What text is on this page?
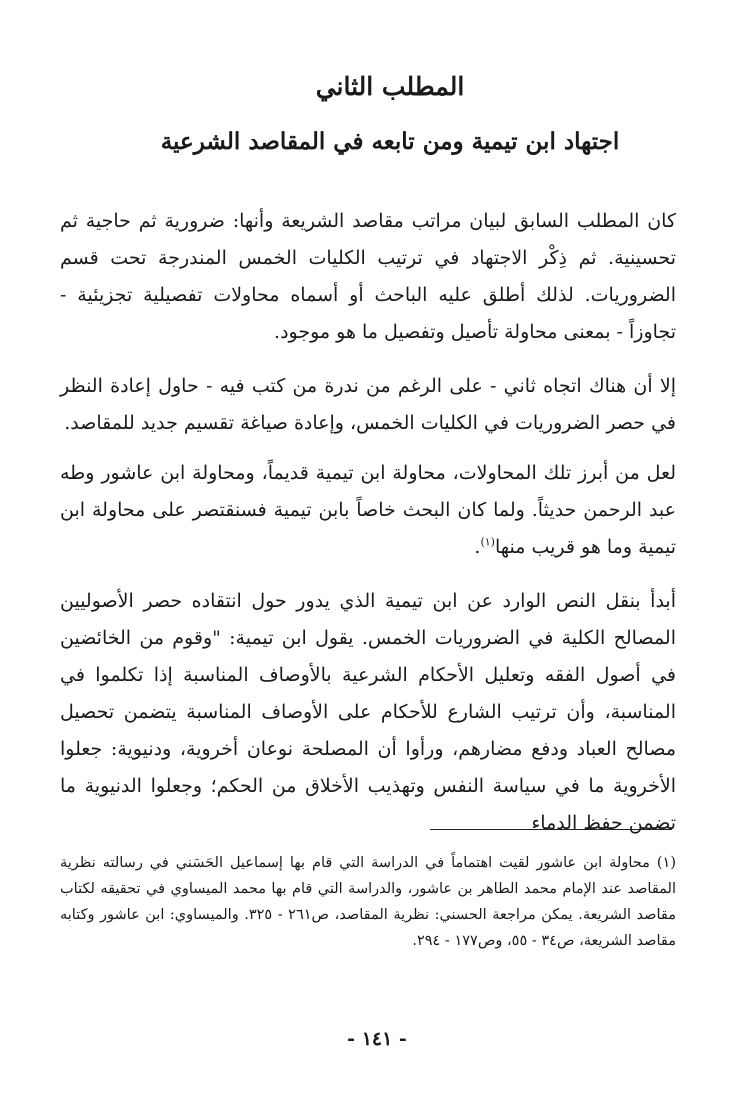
المطلب الثاني
اجتهاد ابن تيمية ومن تابعه في المقاصد الشرعية

كان المطلب السابق لبيان مراتب مقاصد الشريعة وأنها: ضرورية ثم حاجية ثم تحسينية. ثم ذِكْر الاجتهاد في ترتيب الكليات الخمس المندرجة تحت قسم الضروريات. لذلك أطلق عليه الباحث أو أسماه محاولات تفصيلية تجزيئية - تجاوزاً - بمعنى محاولة تأصيل وتفصيل ما هو موجود.

إلا أن هناك اتجاه ثاني - على الرغم من ندرة من كتب فيه - حاول إعادة النظر في حصر الضروريات في الكليات الخمس، وإعادة صياغة تقسيم جديد للمقاصد.

لعل من أبرز تلك المحاولات، محاولة ابن تيمية قديماً، ومحاولة ابن عاشور وطه عبد الرحمن حديثاً. ولما كان البحث خاصاً بابن تيمية فسنقتصر على محاولة ابن تيمية وما هو قريب منها$^{(١)}$.

أبدأ بنقل النص الوارد عن ابن تيمية الذي يدور حول انتقاده حصر الأصوليين المصالح الكلية في الضروريات الخمس. يقول ابن تيمية: "وقوم من الخائضين في أصول الفقه وتعليل الأحكام الشرعية بالأوصاف المناسبة إذا تكلموا في المناسبة، وأن ترتيب الشارع للأحكام على الأوصاف المناسبة يتضمن تحصيل مصالح العباد ودفع مضارهم، ورأوا أن المصلحة نوعان أخروية، ودنيوية: جعلوا الأخروية ما في سياسة النفس وتهذيب الأخلاق من الحكم؛ وجعلوا الدنيوية ما تضمن حفظ الدماء

(١) محاولة ابن عاشور لقيت اهتماماً في الدراسة التي قام بها إسماعيل الحَسَني في رسالته نظرية المقاصد عند الإمام محمد الطاهر بن عاشور، والدراسة التي قام بها محمد الميساوي في تحقيقه لكتاب مقاصد الشريعة. يمكن مراجعة الحسني: نظرية المقاصد، ص٢٦١ - ٣٢٥. والميساوي: ابن عاشور وكتابه مقاصد الشريعة، ص٣٤ - ٥٥، وص١٧٧ - ٢٩٤.

- ١٤١ -
